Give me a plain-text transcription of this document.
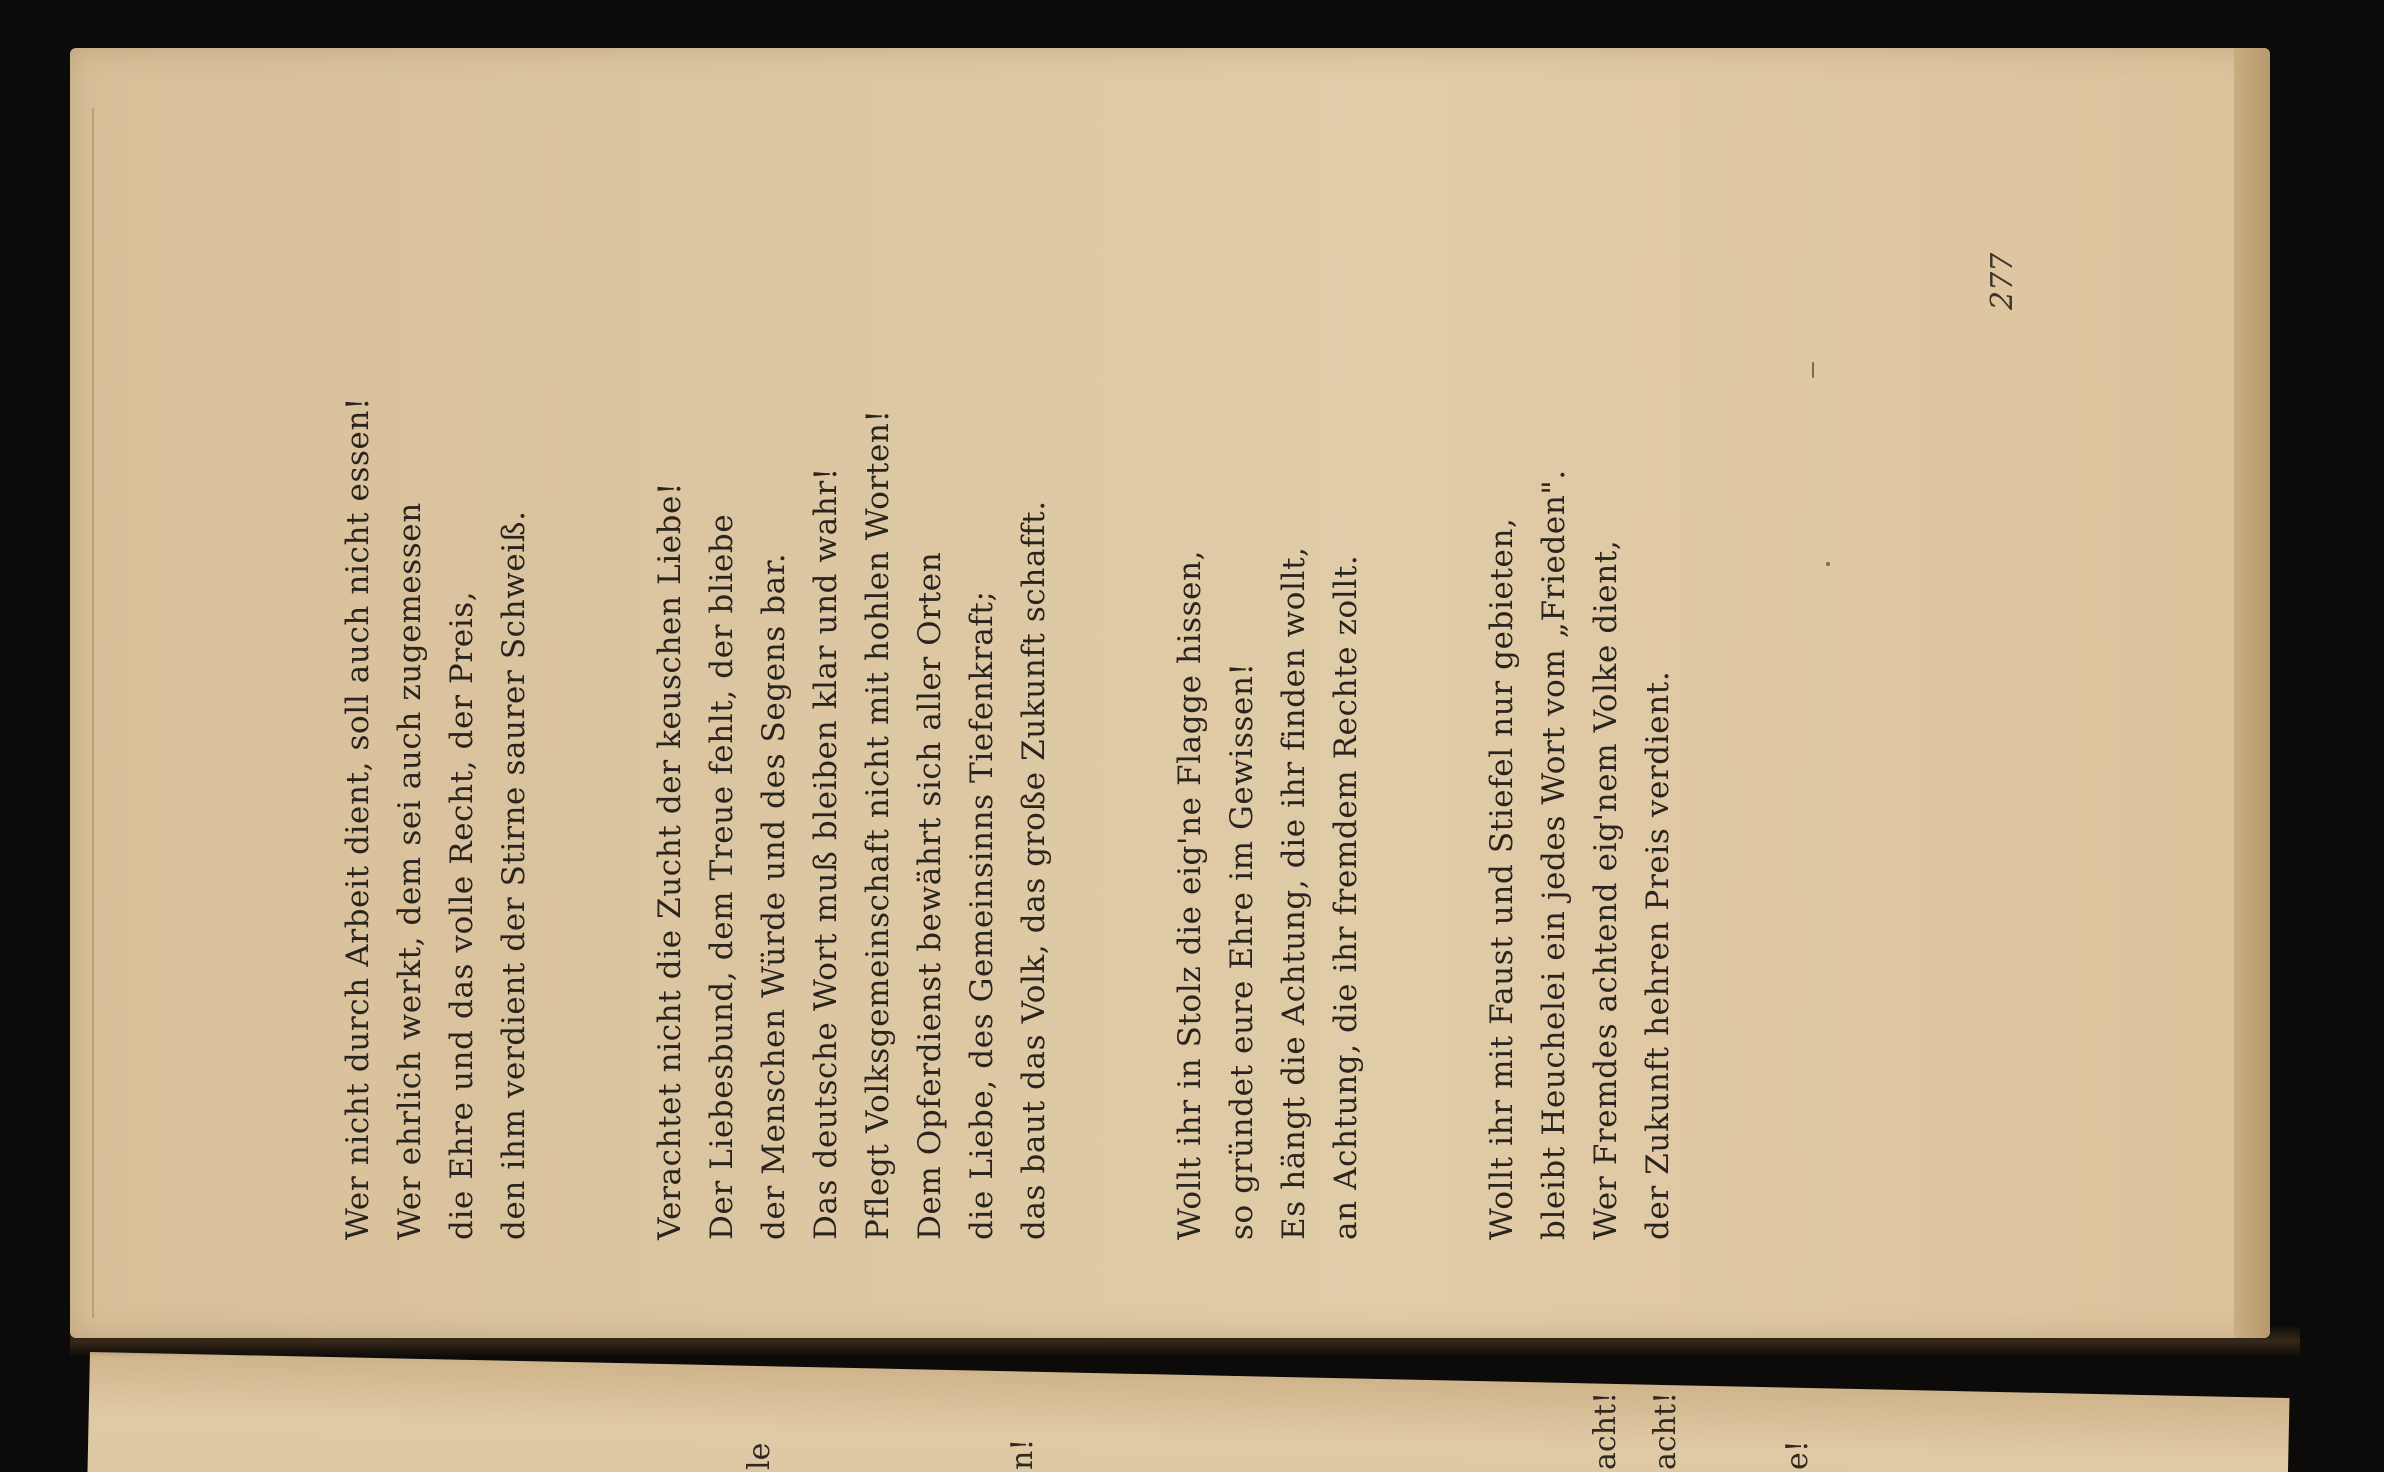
Wer nicht durch Arbeit dient, soll auch nicht essen! Wer ehrlich werkt, dem sei auch zugemessen die Ehre und das volle Recht, der Preis, den ihm verdient der Stirne saurer Schweiß.	Verachtet nicht die Zucht der keuschen Liebe! Der Liebesbund, dem Treue fehlt, der bliebe der Menschen Würde und des Segens bar. Das deutsche Wort muß bleiben klar und wahr! Pflegt Volksgemeinschaft nicht mit hohlen Worten! Dem Opferdienst bewährt sich aller Orten die Liebe, des Gemeinsinns Tiefenkraft; das baut das Volk, das große Zukunft schafft.	Wollt ihr in Stolz die eig'ne Flagge hissen, so gründet eure Ehre im Gewissen! Es hängt die Achtung, die ihr finden wollt, an Achtung, die ihr fremdem Rechte zollt.	Wollt ihr mit Faust und Stiefel nur gebieten, bleibt Heuchelei ein jedes Wort vom „Frieden". Wer Fremdes achtend eig'nem Volke dient, der Zukunft hehren Preis verdient.
277
le	n!	acht! acht!	e!
